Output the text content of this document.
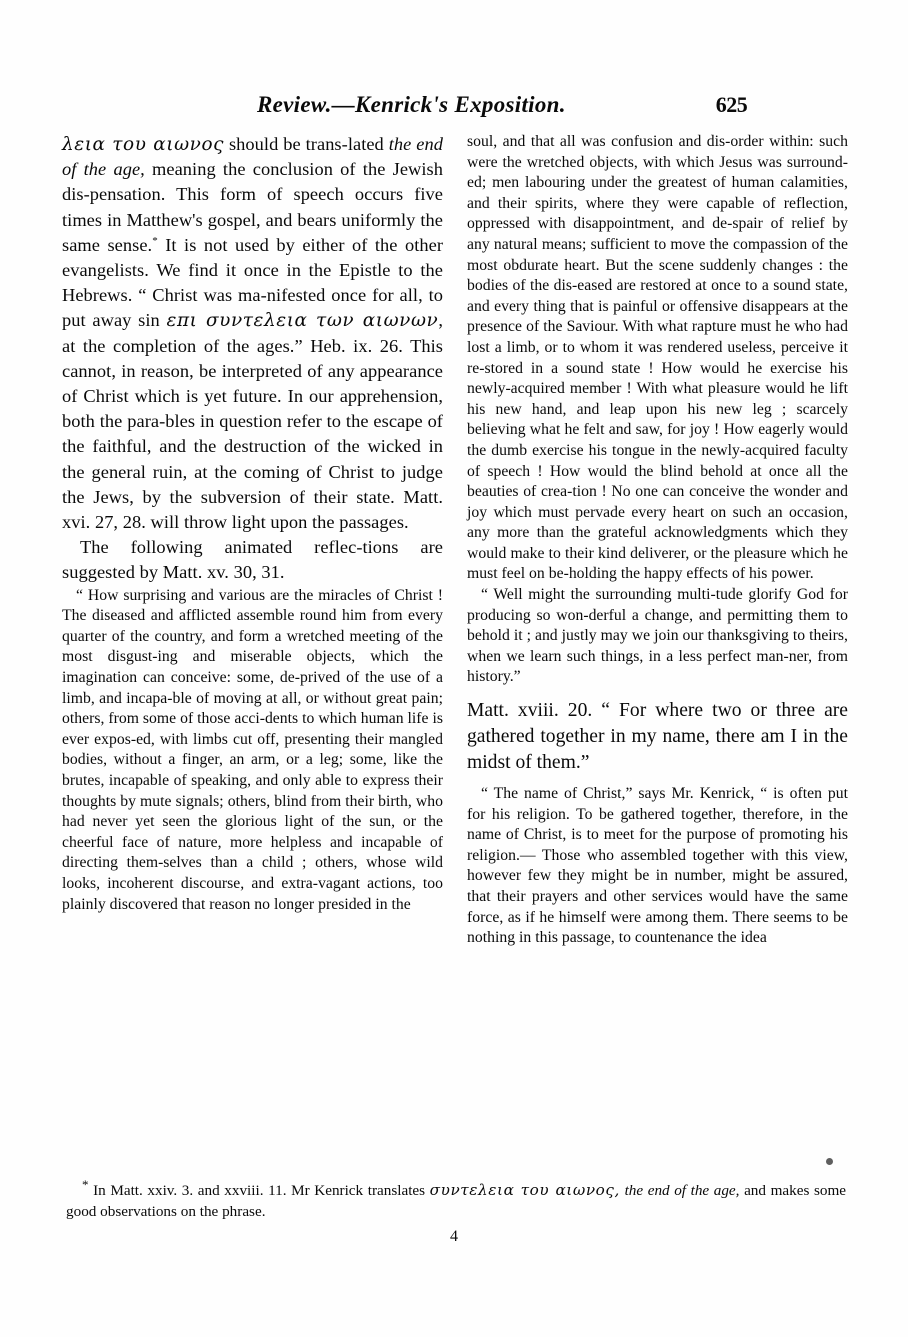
Review.—Kenrick's Exposition.	625

λεια του αιωνος should be trans-lated the end of the age, meaning the conclusion of the Jewish dis-pensation. This form of speech occurs five times in Matthew's gospel, and bears uniformly the same sense.* It is not used by either of the other evangelists. We find it once in the Epistle to the Hebrews. “ Christ was ma-nifested once for all, to put away sin επι συντελεια των αιωνων, at the completion of the ages.” Heb. ix. 26. This cannot, in reason, be interpreted of any appearance of Christ which is yet future. In our apprehension, both the para-bles in question refer to the escape of the faithful, and the destruction of the wicked in the general ruin, at the coming of Christ to judge the Jews, by the subversion of their state. Matt. xvi. 27, 28. will throw light upon the passages.

The following animated reflec-tions are suggested by Matt. xv. 30, 31.

“ How surprising and various are the miracles of Christ ! The diseased and afflicted assemble round him from every quarter of the country, and form a wretched meeting of the most disgust-ing and miserable objects, which the imagination can conceive: some, de-prived of the use of a limb, and incapa-ble of moving at all, or without great pain; others, from some of those acci-dents to which human life is ever expos-ed, with limbs cut off, presenting their mangled bodies, without a finger, an arm, or a leg; some, like the brutes, incapable of speaking, and only able to express their thoughts by mute signals; others, blind from their birth, who had never yet seen the glorious light of the sun, or the cheerful face of nature, more helpless and incapable of directing them-selves than a child ; others, whose wild looks, incoherent discourse, and extra-vagant actions, too plainly discovered that reason no longer presided in the

soul, and that all was confusion and dis-order within: such were the wretched objects, with which Jesus was surround-ed; men labouring under the greatest of human calamities, and their spirits, where they were capable of reflection, oppressed with disappointment, and de-spair of relief by any natural means; sufficient to move the compassion of the most obdurate heart. But the scene suddenly changes : the bodies of the dis-eased are restored at once to a sound state, and every thing that is painful or offensive disappears at the presence of the Saviour. With what rapture must he who had lost a limb, or to whom it was rendered useless, perceive it re-stored in a sound state ! How would he exercise his newly-acquired member ! With what pleasure would he lift his new hand, and leap upon his new leg ; scarcely believing what he felt and saw, for joy ! How eagerly would the dumb exercise his tongue in the newly-acquired faculty of speech ! How would the blind behold at once all the beauties of crea-tion ! No one can conceive the wonder and joy which must pervade every heart on such an occasion, any more than the grateful acknowledgments which they would make to their kind deliverer, or the pleasure which he must feel on be-holding the happy effects of his power.

“ Well might the surrounding multi-tude glorify God for producing so won-derful a change, and permitting them to behold it ; and justly may we join our thanksgiving to theirs, when we learn such things, in a less perfect man-ner, from history.”

Matt. xviii. 20. “ For where two or three are gathered together in my name, there am I in the midst of them.”

“ The name of Christ,” says Mr. Kenrick, “ is often put for his religion. To be gathered together, therefore, in the name of Christ, is to meet for the purpose of promoting his religion.— Those who assembled together with this view, however few they might be in number, might be assured, that their prayers and other services would have the same force, as if he himself were among them. There seems to be nothing in this passage, to countenance the idea

* In Matt. xxiv. 3. and xxviii. 11. Mr Kenrick translates συντελεια του αιωνος, the end of the age, and makes some good observations on the phrase.
4
